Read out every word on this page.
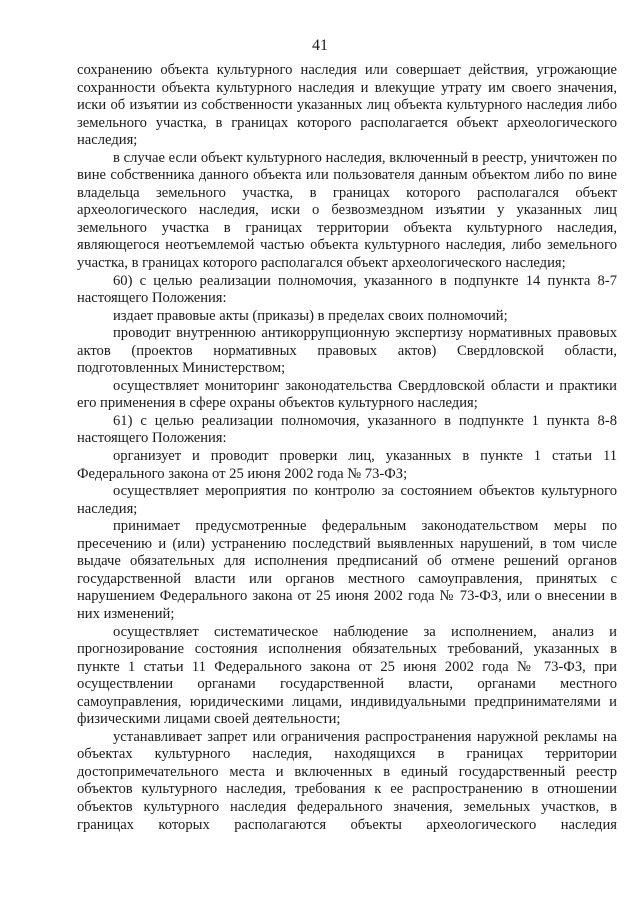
41

сохранению объекта культурного наследия или совершает действия, угрожающие сохранности объекта культурного наследия и влекущие утрату им своего значения, иски об изъятии из собственности указанных лиц объекта культурного наследия либо земельного участка, в границах которого располагается объект археологического наследия;

в случае если объект культурного наследия, включенный в реестр, уничтожен по вине собственника данного объекта или пользователя данным объектом либо по вине владельца земельного участка, в границах которого располагался объект археологического наследия, иски о безвозмездном изъятии у указанных лиц земельного участка в границах территории объекта культурного наследия, являющегося неотъемлемой частью объекта культурного наследия, либо земельного участка, в границах которого располагался объект археологического наследия;

60) с целью реализации полномочия, указанного в подпункте 14 пункта 8-7 настоящего Положения:

издает правовые акты (приказы) в пределах своих полномочий;

проводит внутреннюю антикоррупционную экспертизу нормативных правовых актов (проектов нормативных правовых актов) Свердловской области, подготовленных Министерством;

осуществляет мониторинг законодательства Свердловской области и практики его применения в сфере охраны объектов культурного наследия;

61) с целью реализации полномочия, указанного в подпункте 1 пункта 8-8 настоящего Положения:

организует и проводит проверки лиц, указанных в пункте 1 статьи 11 Федерального закона от 25 июня 2002 года № 73-ФЗ;

осуществляет мероприятия по контролю за состоянием объектов культурного наследия;

принимает предусмотренные федеральным законодательством меры по пресечению и (или) устранению последствий выявленных нарушений, в том числе выдаче обязательных для исполнения предписаний об отмене решений органов государственной власти или органов местного самоуправления, принятых с нарушением Федерального закона от 25 июня 2002 года № 73-ФЗ, или о внесении в них изменений;

осуществляет систематическое наблюдение за исполнением, анализ и прогнозирование состояния исполнения обязательных требований, указанных в пункте 1 статьи 11 Федерального закона от 25 июня 2002 года № 73-ФЗ, при осуществлении органами государственной власти, органами местного самоуправления, юридическими лицами, индивидуальными предпринимателями и физическими лицами своей деятельности;

устанавливает запрет или ограничения распространения наружной рекламы на объектах культурного наследия, находящихся в границах территории достопримечательного места и включенных в единый государственный реестр объектов культурного наследия, требования к ее распространению в отношении объектов культурного наследия федерального значения, земельных участков, в границах которых располагаются объекты археологического наследия
